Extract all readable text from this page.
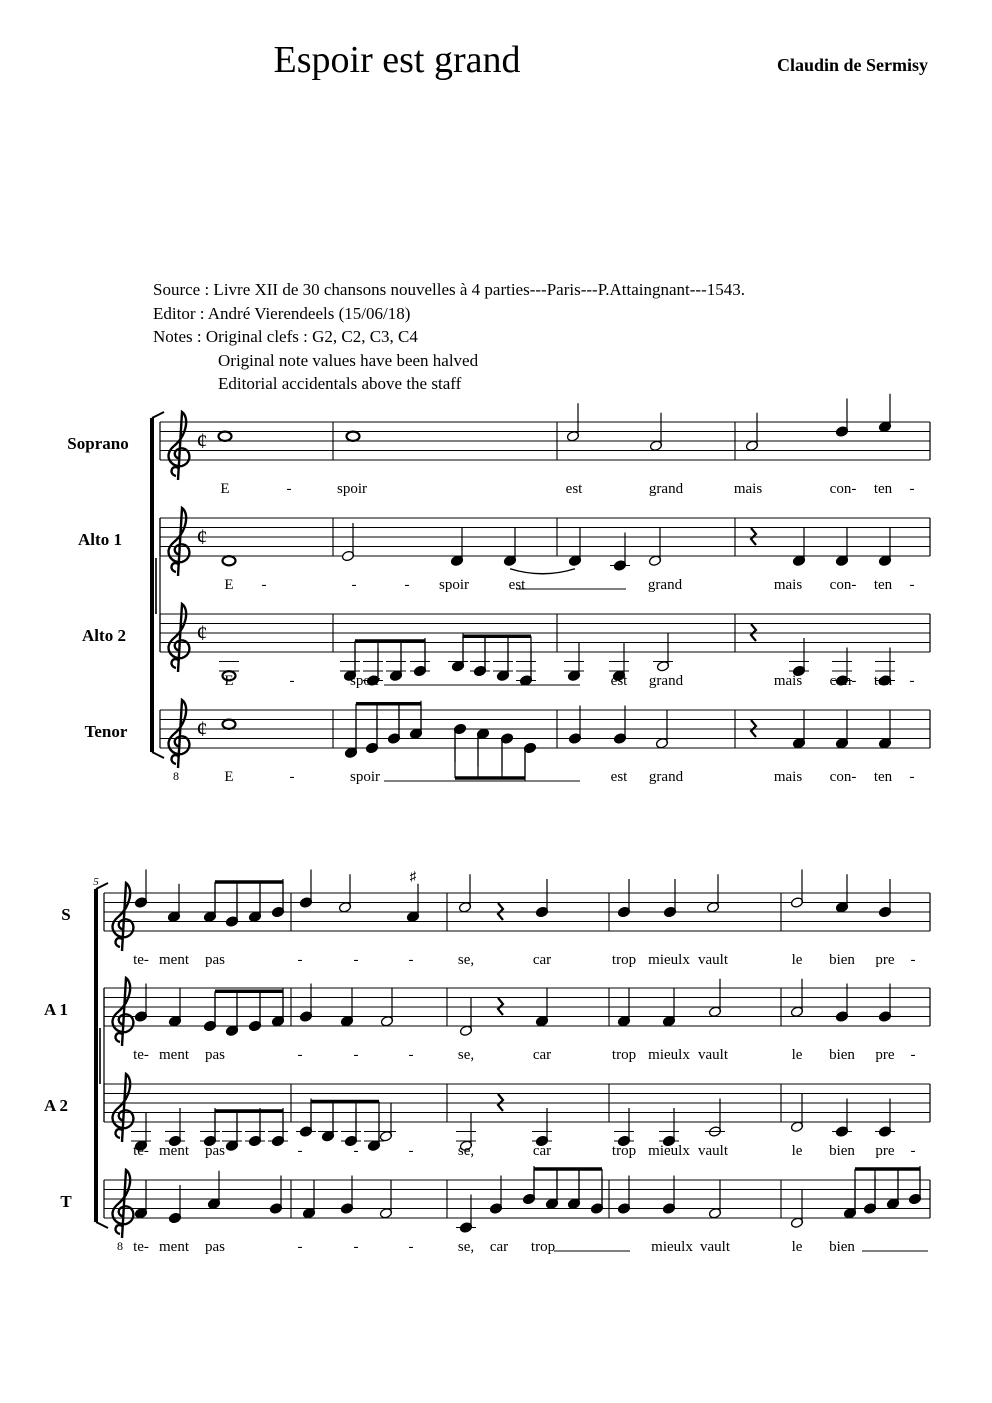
Espoir est grand	Claudin de Sermisy
Source : Livre XII de 30 chansons nouvelles à 4 parties---Paris---P.Attaingnant---1543.
Editor : André Vierendeels (15/06/18)
Notes : Original clefs : G2, C2, C3, C4
Original note values have been halved
Editorial accidentals above the staff
Soprano	¢
E	-	spoir	est	grand	mais	con- ten -
Alto 1	¢
E -	-	- spoir	est	grand	mais con- ten -
Alto 2	¢
E	-	spoir	est grand	mais con- ten -
Tenor
8
¢
E	-	spoir	est grand	mais con- ten -
5
S
♯
te- ment pas	-	-	-	se,	car	trop mieulx vault	le bien pre -
A 1
te- ment pas	-	-	-	se,	car	trop mieulx vault	le bien pre -
A 2
te- ment pas	-	-	-	se,	car	trop mieulx vault	le bien pre -
T
8 te- ment pas	-	-	-	se, car trop	mieulx vault	le bien
